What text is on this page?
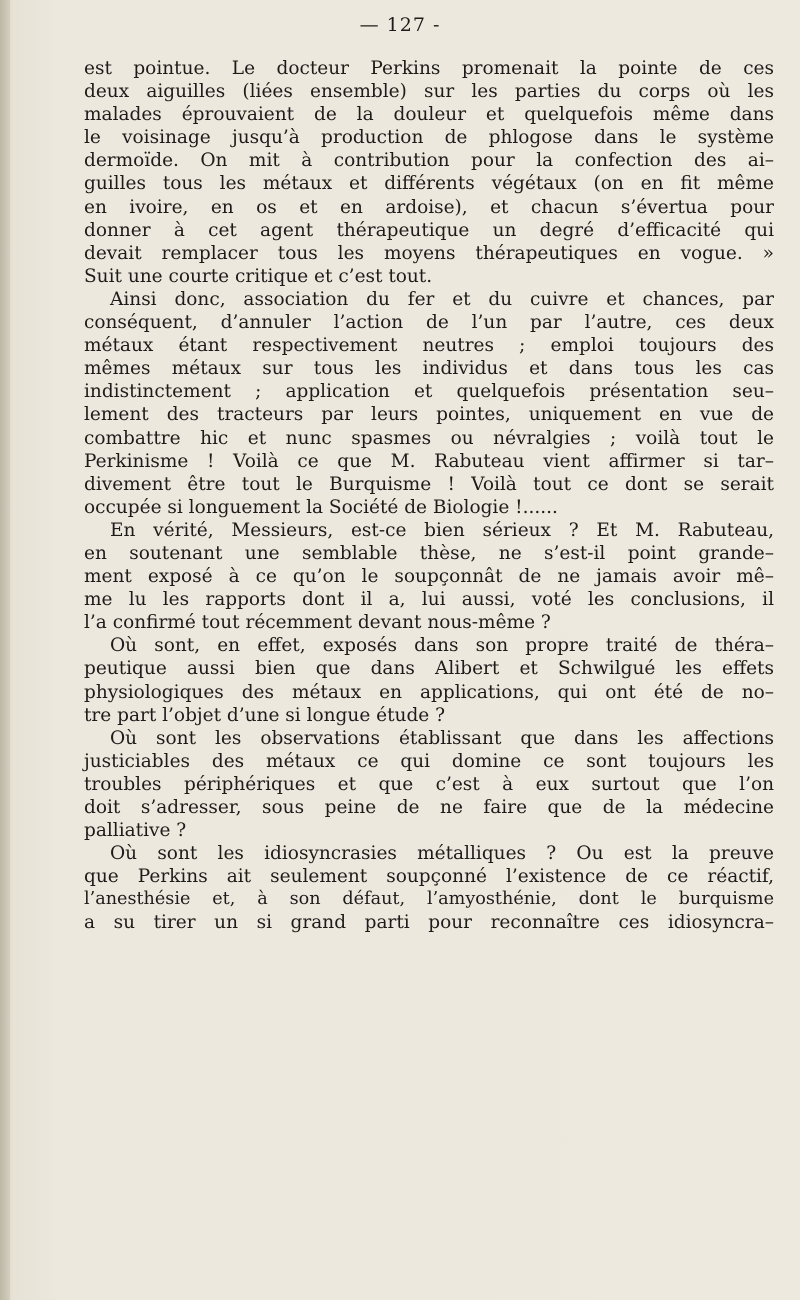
— 127 -
est pointue. Le docteur Perkins promenait la pointe de ces
deux aiguilles (liées ensemble) sur les parties du corps où les
malades éprouvaient de la douleur et quelquefois même dans
le voisinage jusqu’à production de phlogose dans le système
dermoïde. On mit à contribution pour la confection des ai–
guilles tous les métaux et différents végétaux (on en fit même
en ivoire, en os et en ardoise), et chacun s’évertua pour
donner à cet agent thérapeutique un degré d’efficacité qui
devait remplacer tous les moyens thérapeutiques en vogue. »
Suit une courte critique et c’est tout.
Ainsi donc, association du fer et du cuivre et chances, par
conséquent, d’annuler l’action de l’un par l’autre, ces deux
métaux étant respectivement neutres ; emploi toujours des
mêmes métaux sur tous les individus et dans tous les cas
indistinctement ; application et quelquefois présentation seu–
lement des tracteurs par leurs pointes, uniquement en vue de
combattre hic et nunc spasmes ou névralgies ; voilà tout le
Perkinisme ! Voilà ce que M. Rabuteau vient affirmer si tar–
divement être tout le Burquisme ! Voilà tout ce dont se serait
occupée si longuement la Société de Biologie !......
En vérité, Messieurs, est-ce bien sérieux ? Et M. Rabuteau,
en soutenant une semblable thèse, ne s’est-il point grande–
ment exposé à ce qu’on le soupçonnât de ne jamais avoir mê–
me lu les rapports dont il a, lui aussi, voté les conclusions, il
l’a confirmé tout récemment devant nous-même ?
Où sont, en effet, exposés dans son propre traité de théra–
peutique aussi bien que dans Alibert et Schwilgué les effets
physiologiques des métaux en applications, qui ont été de no–
tre part l’objet d’une si longue étude ?
Où sont les observations établissant que dans les affections
justiciables des métaux ce qui domine ce sont toujours les
troubles périphériques et que c’est à eux surtout que l’on
doit s’adresser, sous peine de ne faire que de la médecine
palliative ?
Où sont les idiosyncrasies métalliques ? Ou est la preuve
que Perkins ait seulement soupçonné l’existence de ce réactif,
l’anesthésie et, à son défaut, l’amyosthénie, dont le burquisme
a su tirer un si grand parti pour reconnaître ces idiosyncra–
